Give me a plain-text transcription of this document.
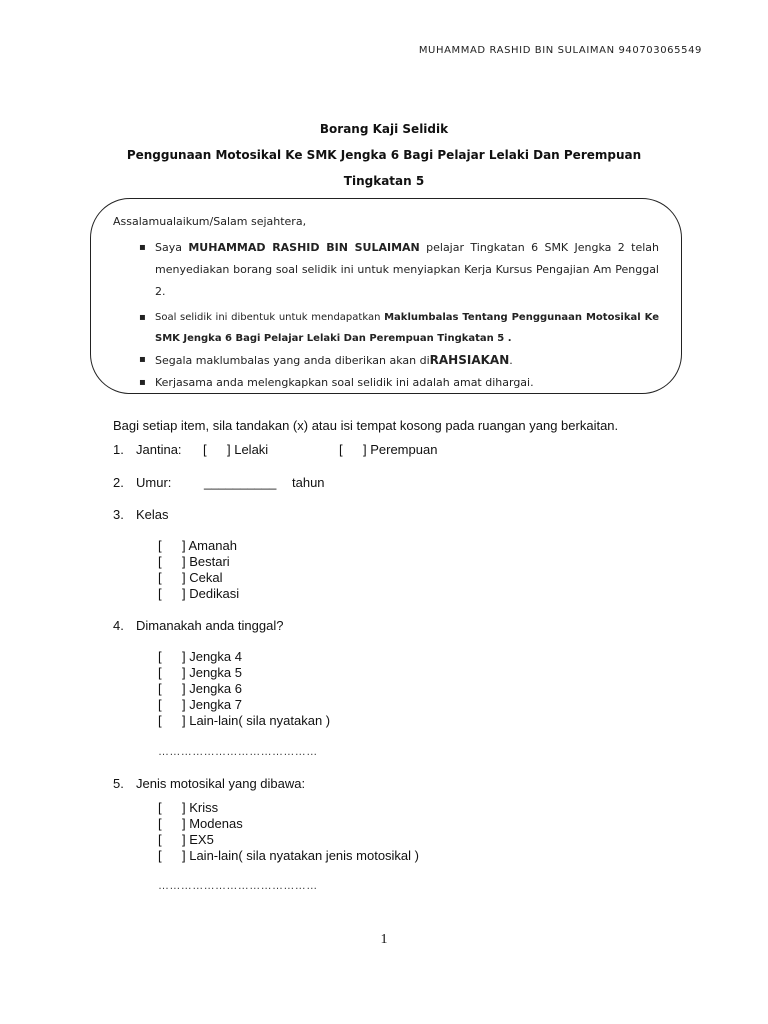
MUHAMMAD RASHID BIN SULAIMAN 940703065549
Borang Kaji Selidik
Penggunaan Motosikal Ke SMK Jengka 6 Bagi Pelajar Lelaki Dan Perempuan
Tingkatan 5
Assalamualaikum/Salam sejahtera,
▪ Saya MUHAMMAD RASHID BIN SULAIMAN pelajar Tingkatan 6 SMK Jengka 2 telah menyediakan borang soal selidik ini untuk menyiapkan Kerja Kursus Pengajian Am Penggal 2.
▪ Soal selidik ini dibentuk untuk mendapatkan Maklumbalas Tentang Penggunaan Motosikal Ke SMK Jengka 6 Bagi Pelajar Lelaki Dan Perempuan Tingkatan 5 .
▪ Segala maklumbalas yang anda diberikan akan diRAHSIAKAN.
▪ Kerjasama anda melengkapkan soal selidik ini adalah amat dihargai.
Bagi setiap item, sila tandakan (x) atau isi tempat kosong pada ruangan yang berkaitan.
1. Jantina: [ ] Lelaki	[ ] Perempuan
2. Umur:	__________ tahun
3. Kelas
[ ] Amanah
[ ] Bestari
[ ] Cekal
[ ] Dedikasi
4. Dimanakah anda tinggal?
[ ] Jengka 4
[ ] Jengka 5
[ ] Jengka 6
[ ] Jengka 7
[ ] Lain-lain( sila nyatakan )
……………………………………
5. Jenis motosikal yang dibawa:
[ ] Kriss
[ ] Modenas
[ ] EX5
[ ] Lain-lain( sila nyatakan jenis motosikal )
……………………………………
1
